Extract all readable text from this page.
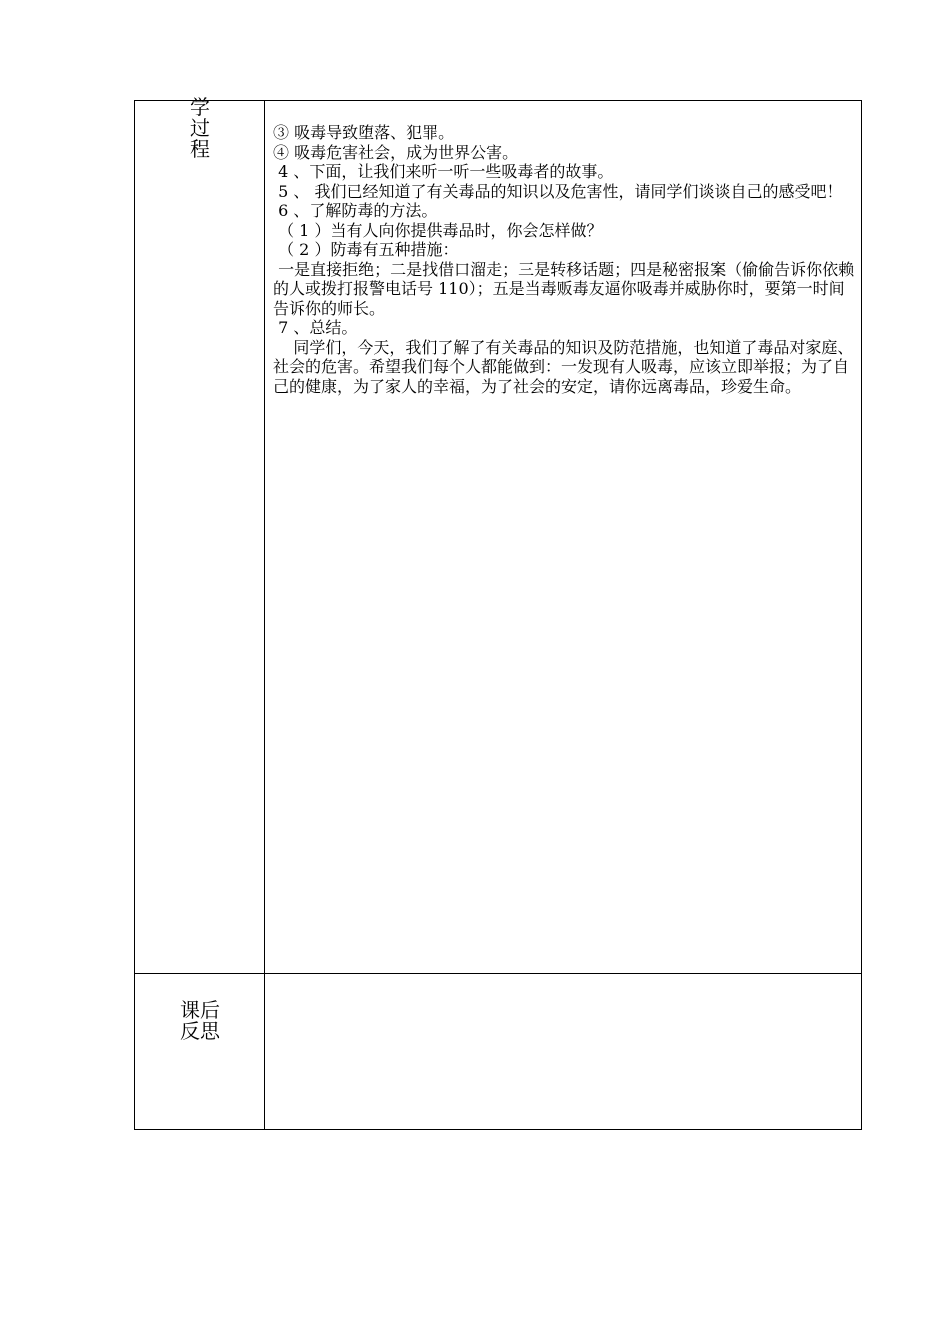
学
过
程

③ 吸毒导致堕落、犯罪。

④ 吸毒危害社会，成为世界公害。

4 、下面，让我们来听一听一些吸毒者的故事。

5 、 我们已经知道了有关毒品的知识以及危害性，请同学们谈谈自己的感受吧！

6 、了解防毒的方法。

（ 1 ）当有人向你提供毒品时，你会怎样做？

（ 2 ）防毒有五种措施：

一是直接拒绝；二是找借口溜走；三是转移话题；四是秘密报案（偷偷告诉你依赖的人或拨打报警电话号 110）；五是当毒贩毒友逼你吸毒并威胁你时，要第一时间告诉你的师长。

7 、总结。

同学们，今天，我们了解了有关毒品的知识及防范措施，也知道了毒品对家庭、社会的危害。希望我们每个人都能做到：一发现有人吸毒，应该立即举报；为了自己的健康，为了家人的幸福，为了社会的安定，请你远离毒品，珍爱生命。

课后
反思
